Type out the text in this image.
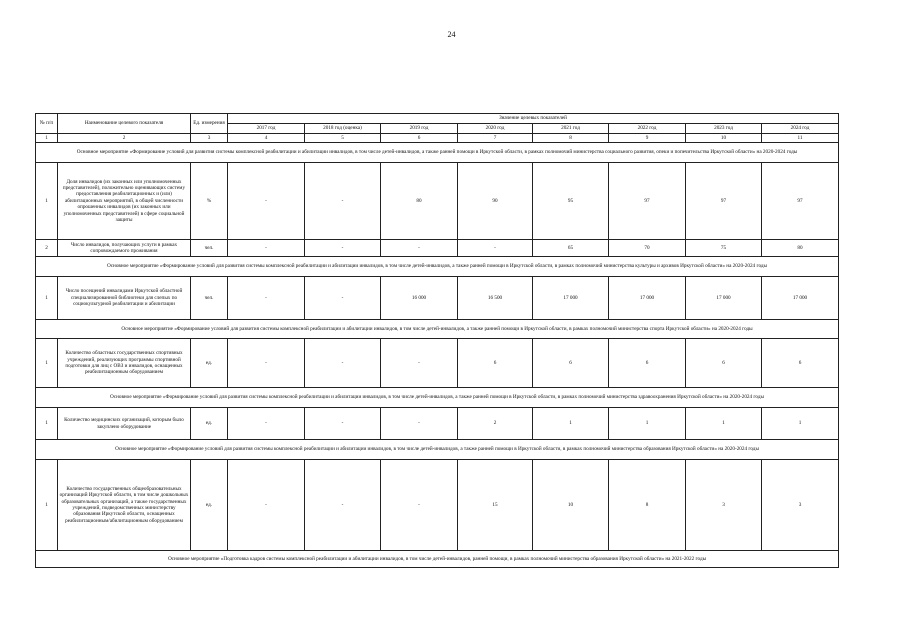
24
№ п/п	Наименование целевого показателя	Ед. измерения	Значение целевых показателей							
			2017 год	2018 год (оценка)	2019 год	2020 год	2021 год	2022 год	2023 год	2024 год
1	2	3	4	5	6	7	8	9	10	11
Основное мероприятие «Формирование условий для развития системы комплексной реабилитации и абилитации инвалидов, в том числе детей-инвалидов, а также ранней помощи в Иркутской области, в рамках полномочий министерства социального развития, опеки и попечительства Иркутской области» на 2020-2024 годы										
1	Доля инвалидов (их законных или уполномоченных представителей), положительно оценивающих систему предоставления реабилитационных и (или) абилитационных мероприятий, в общей численности опрошенных инвалидов (их законных или уполномоченных представителей) в сфере социальной защиты	%	-	-	80	90	95	97	97	97
2	Число инвалидов, получающих услуги в рамках сопровождаемого проживания	чел.	-	-	-	-	65	70	75	80
Основное мероприятие «Формирование условий для развития системы комплексной реабилитации и абилитации инвалидов, в том числе детей-инвалидов, а также ранней помощи в Иркутской области, в рамках полномочий министерства культуры и архивов Иркутской области» на 2020-2024 годы										
1	Число посещений инвалидами Иркутской областной специализированной библиотеки для слепых по социокультурной реабилитации и абилитации	чел.	-	-	16 000	16 500	17 000	17 000	17 000	17 000
Основное мероприятие «Формирование условий для развития системы комплексной реабилитации и абилитации инвалидов, в том числе детей-инвалидов, а также ранней помощи в Иркутской области, в рамках полномочий министерства спорта Иркутской области» на 2020-2024 годы										
1	Количество областных государственных спортивных учреждений, реализующих программы спортивной подготовки для лиц с ОВЗ и инвалидов, оснащенных реабилитационным оборудованием	ед.	-	-	-	6	6	6	6	6
Основное мероприятие «Формирование условий для развития системы комплексной реабилитации и абилитации инвалидов, в том числе детей-инвалидов, а также ранней помощи в Иркутской области, в рамках полномочий министерства здравоохранения Иркутской области» на 2020-2024 годы										
1	Количество медицинских организаций, которым было закуплено оборудование	ед.	-	-	-	2	1	1	1	1
Основное мероприятие «Формирование условий для развития системы комплексной реабилитации и абилитации инвалидов, в том числе детей-инвалидов, а также ранней помощи в Иркутской области, в рамках полномочий министерства образования Иркутской области» на 2020-2024 годы										
1	Количество государственных общеобразовательных организаций Иркутской области, в том числе дошкольных образовательных организаций, а также государственных учреждений, подведомственных министерству образования Иркутской области, оснащенных реабилитационным/абилитационным оборудованием	ед.	-	-	-	15	10	8	3	3
Основное мероприятие «Подготовка кадров системы комплексной реабилитации и абилитации инвалидов, в том числе детей-инвалидов, ранней помощи, в рамках полномочий министерства образования Иркутской области» на 2021-2022 годы										
